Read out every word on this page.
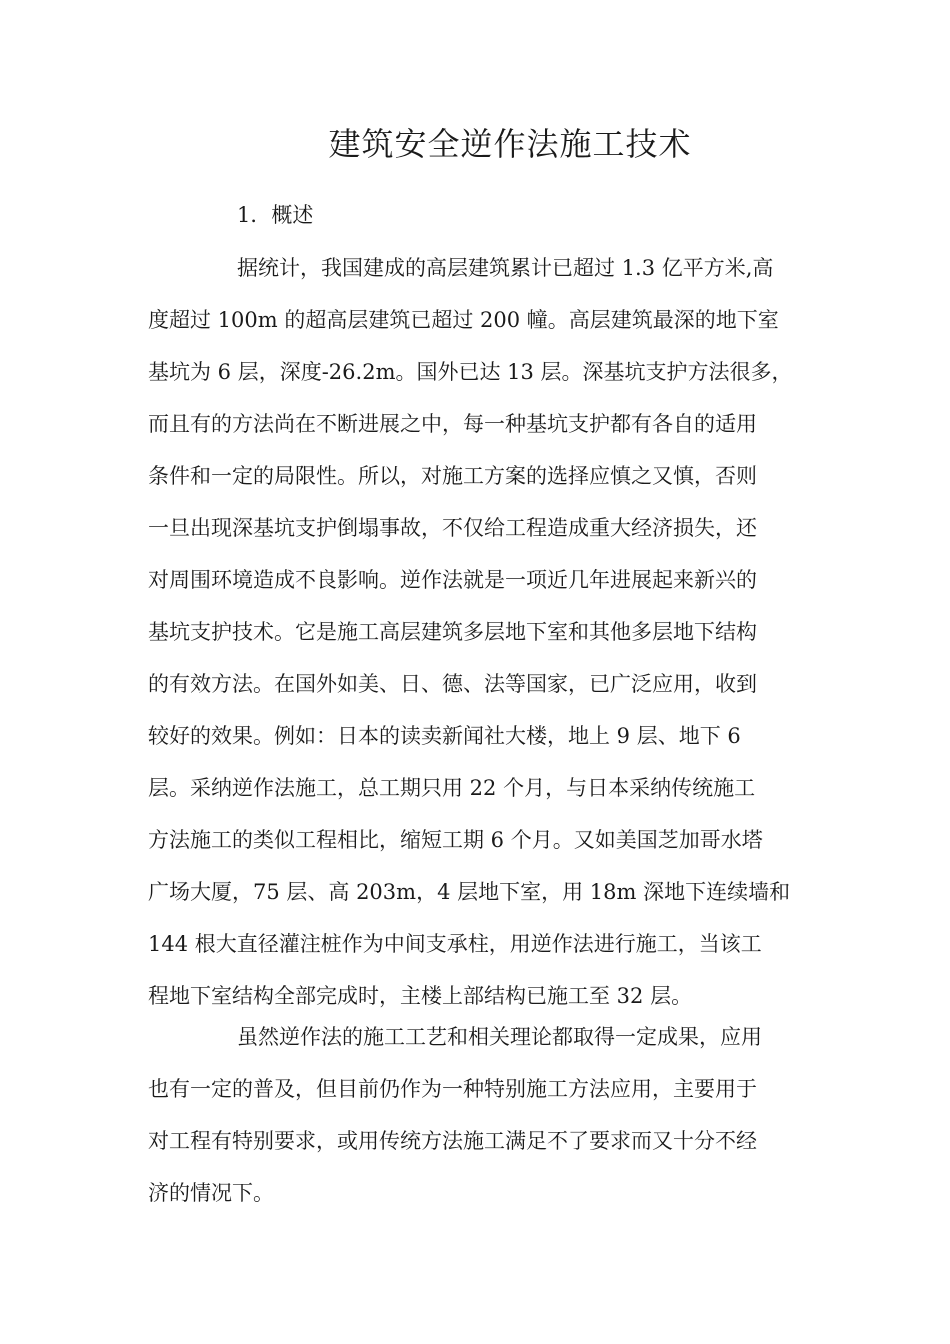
建筑安全逆作法施工技术
1．概述
据统计，我国建成的高层建筑累计已超过 1.3 亿平方米,高
度超过 100m 的超高层建筑已超过 200 幢。高层建筑最深的地下室
基坑为 6 层，深度-26.2m。国外已达 13 层。深基坑支护方法很多，
而且有的方法尚在不断进展之中，每一种基坑支护都有各自的适用
条件和一定的局限性。所以，对施工方案的选择应慎之又慎，否则
一旦出现深基坑支护倒塌事故，不仅给工程造成重大经济损失，还
对周围环境造成不良影响。逆作法就是一项近几年进展起来新兴的
基坑支护技术。它是施工高层建筑多层地下室和其他多层地下结构
的有效方法。在国外如美、日、德、法等国家，已广泛应用，收到
较好的效果。例如：日本的读卖新闻社大楼，地上 9 层、地下 6
层。采纳逆作法施工，总工期只用 22 个月，与日本采纳传统施工
方法施工的类似工程相比，缩短工期 6 个月。又如美国芝加哥水塔
广场大厦，75 层、高 203m，4 层地下室，用 18m 深地下连续墙和
144 根大直径灌注桩作为中间支承柱，用逆作法进行施工，当该工
程地下室结构全部完成时，主楼上部结构已施工至 32 层。
虽然逆作法的施工工艺和相关理论都取得一定成果，应用
也有一定的普及，但目前仍作为一种特别施工方法应用，主要用于
对工程有特别要求，或用传统方法施工满足不了要求而又十分不经
济的情况下。
